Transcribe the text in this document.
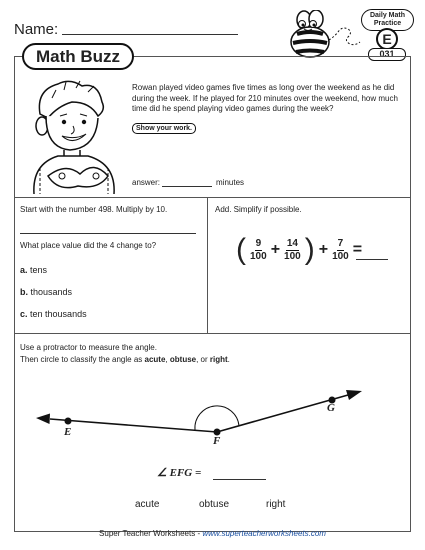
Name:
Daily Math
Practice
E
031
Math Buzz
Rowan played video games five times as long over the weekend as he did during the week. If he played for 210 minutes over the weekend, how much time did he spend playing video games during the week?
Show your work.
answer:	minutes
Start with the number 498. Multiply by 10.
What place value did the 4 change to?
a. tens
b. thousands
c. ten thousands
Add. Simplify if possible.
( $\frac{9}{100} + \frac{14}{100}$ ) + $\frac{7}{100}$ =
Use a protractor to measure the angle.
Then circle to classify the angle as acute, obtuse, or right.
E
F
G
∠ EFG =
acute	obtuse	right
Super Teacher Worksheets - www.superteacherworksheets.com
